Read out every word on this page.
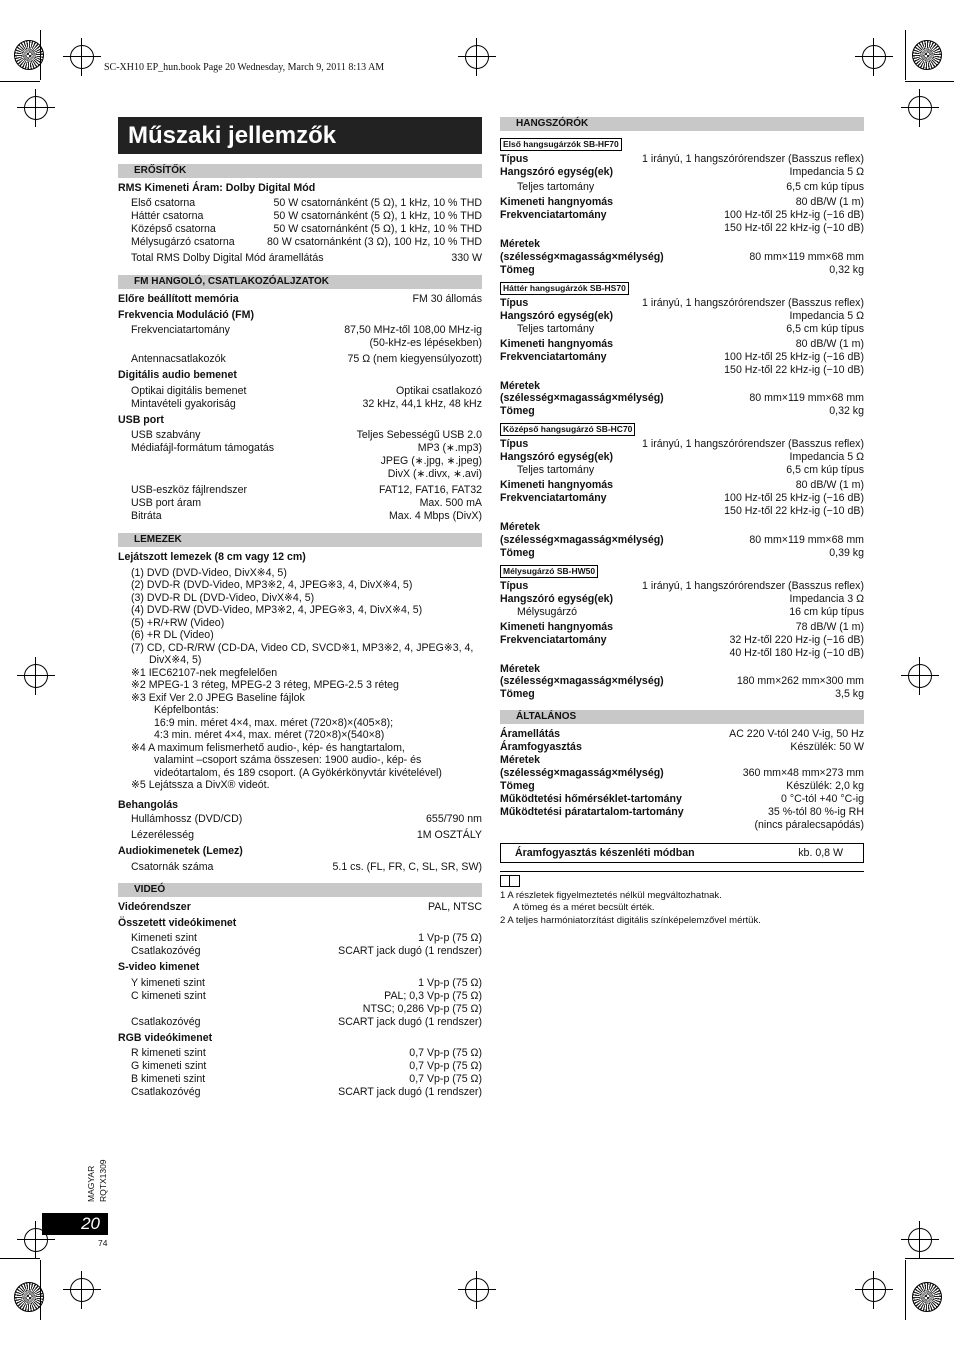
SC-XH10 EP_hun.book Page 20 Wednesday, March 9, 2011 8:13 AM
Műszaki jellemzők
ERŐSÍTŐK
RMS Kimeneti Áram: Dolby Digital Mód
Első csatorna	50 W csatornánként (5 Ω), 1 kHz, 10 % THD
Háttér csatorna	50 W csatornánként (5 Ω), 1 kHz, 10 % THD
Középső csatorna	50 W csatornánként (5 Ω), 1 kHz, 10 % THD
Mélysugárzó csatorna	80 W csatornánként (3 Ω), 100 Hz, 10 % THD
Total RMS Dolby Digital Mód áramellátás	330 W
FM HANGOLÓ, CSATLAKOZÓALJZATOK
Előre beállított memória	FM 30 állomás
Frekvencia Moduláció (FM)
Frekvenciatartomány	87,50 MHz-től 108,00 MHz-ig
(50-kHz-es lépésekben)
Antennacsatlakozók	75 Ω (nem kiegyensúlyozott)
Digitális audio bemenet
Optikai digitális bemenet	Optikai csatlakozó
Mintavételi gyakoriság	32 kHz, 44,1 kHz, 48 kHz
USB port
USB szabvány	Teljes Sebességű USB 2.0
Médiafájl-formátum támogatás	MP3 (∗.mp3)
JPEG (∗.jpg, ∗.jpeg)
DivX (∗.divx, ∗.avi)
USB-eszköz fájlrendszer	FAT12, FAT16, FAT32
USB port áram	Max. 500 mA
Bitráta	Max. 4 Mbps (DivX)
LEMEZEK
Lejátszott lemezek (8 cm vagy 12 cm)
(1) DVD (DVD-Video, DivX※4, 5)
(2) DVD-R (DVD-Video, MP3※2, 4, JPEG※3, 4, DivX※4, 5)
(3) DVD-R DL (DVD-Video, DivX※4, 5)
(4) DVD-RW (DVD-Video, MP3※2, 4, JPEG※3, 4, DivX※4, 5)
(5) +R/+RW (Video)
(6) +R DL (Video)
(7) CD, CD-R/RW (CD-DA, Video CD, SVCD※1, MP3※2, 4, JPEG※3, 4,
DivX※4, 5)
※1 IEC62107-nek megfelelően
※2 MPEG-1 3 réteg, MPEG-2 3 réteg, MPEG-2.5 3 réteg
※3 Exif Ver 2.0 JPEG Baseline fájlok
Képfelbontás:
16:9 min. méret 4×4, max. méret (720×8)×(405×8);
4:3 min. méret 4×4, max. méret (720×8)×(540×8)
※4 A maximum felismerhető audio-, kép- és hangtartalom,
valamint –csoport száma összesen: 1900 audio-, kép- és
videótartalom, és 189 csoport. (A Gyökérkönyvtár kivételével)
※5 Lejátssza a DivX® videót.
Behangolás
Hullámhossz (DVD/CD)	655/790 nm
Lézerélesség	1M OSZTÁLY
Audiokimenetek (Lemez)
Csatornák száma	5.1 cs. (FL, FR, C, SL, SR, SW)
VIDEÓ
Videórendszer	PAL, NTSC
Összetett videókimenet
Kimeneti szint	1 Vp-p (75 Ω)
Csatlakozóvég	SCART jack dugó (1 rendszer)
S-video kimenet
Y kimeneti szint	1 Vp-p (75 Ω)
C kimeneti szint	PAL; 0,3 Vp-p (75 Ω)
NTSC; 0,286 Vp-p (75 Ω)
Csatlakozóvég	SCART jack dugó (1 rendszer)
RGB videókimenet
R kimeneti szint	0,7 Vp-p (75 Ω)
G kimeneti szint	0,7 Vp-p (75 Ω)
B kimeneti szint	0,7 Vp-p (75 Ω)
Csatlakozóvég	SCART jack dugó (1 rendszer)
HANGSZÓRÓK
Első hangsugárzók SB-HF70
Típus	1 irányú, 1 hangszórórendszer (Basszus reflex)
Hangszóró egység(ek)	Impedancia 5 Ω
Teljes tartomány	6,5 cm kúp típus
Kimeneti hangnyomás	80 dB/W (1 m)
Frekvenciatartomány	100 Hz-től 25 kHz-ig (−16 dB)
150 Hz-től 22 kHz-ig (−10 dB)
Méretek
(szélesség×magasság×mélység)	80 mm×119 mm×68 mm
Tömeg	0,32 kg
Háttér hangsugárzók SB-HS70
Típus	1 irányú, 1 hangszórórendszer (Basszus reflex)
Hangszóró egység(ek)	Impedancia 5 Ω
Teljes tartomány	6,5 cm kúp típus
Kimeneti hangnyomás	80 dB/W (1 m)
Frekvenciatartomány	100 Hz-től 25 kHz-ig (−16 dB)
150 Hz-től 22 kHz-ig (−10 dB)
Méretek
(szélesség×magasság×mélység)	80 mm×119 mm×68 mm
Tömeg	0,32 kg
Középső hangsugárzó SB-HC70
Típus	1 irányú, 1 hangszórórendszer (Basszus reflex)
Hangszóró egység(ek)	Impedancia 5 Ω
Teljes tartomány	6,5 cm kúp típus
Kimeneti hangnyomás	80 dB/W (1 m)
Frekvenciatartomány	100 Hz-től 25 kHz-ig (−16 dB)
150 Hz-től 22 kHz-ig (−10 dB)
Méretek
(szélesség×magasság×mélység)	80 mm×119 mm×68 mm
Tömeg	0,39 kg
Mélysugárzó SB-HW50
Típus	1 irányú, 1 hangszórórendszer (Basszus reflex)
Hangszóró egység(ek)	Impedancia 3 Ω
Mélysugárzó	16 cm kúp típus
Kimeneti hangnyomás	78 dB/W (1 m)
Frekvenciatartomány	32 Hz-től 220 Hz-ig (−16 dB)
40 Hz-től 180 Hz-ig (−10 dB)
Méretek
(szélesség×magasság×mélység)	180 mm×262 mm×300 mm
Tömeg	3,5 kg
ÁLTALÁNOS
Áramellátás	AC 220 V-tól 240 V-ig, 50 Hz
Áramfogyasztás	Készülék: 50 W
Méretek
(szélesség×magasság×mélység)	360 mm×48 mm×273 mm
Tömeg	Készülék: 2,0 kg
Működtetési hőmérséklet-tartomány	0 °C-tól +40 °C-ig
Működtetési páratartalom-tartomány	35 %-tól 80 %-ig RH
(nincs páralecsapódás)
Áramfogyasztás készenléti módban	kb. 0,8 W
1 A részletek figyelmeztetés nélkül megváltozhatnak.
A tömeg és a méret becsült érték.
2 A teljes harmóniatorzítást digitális színképelemzővel mértük.
MAGYAR RQTX1309
20
74
